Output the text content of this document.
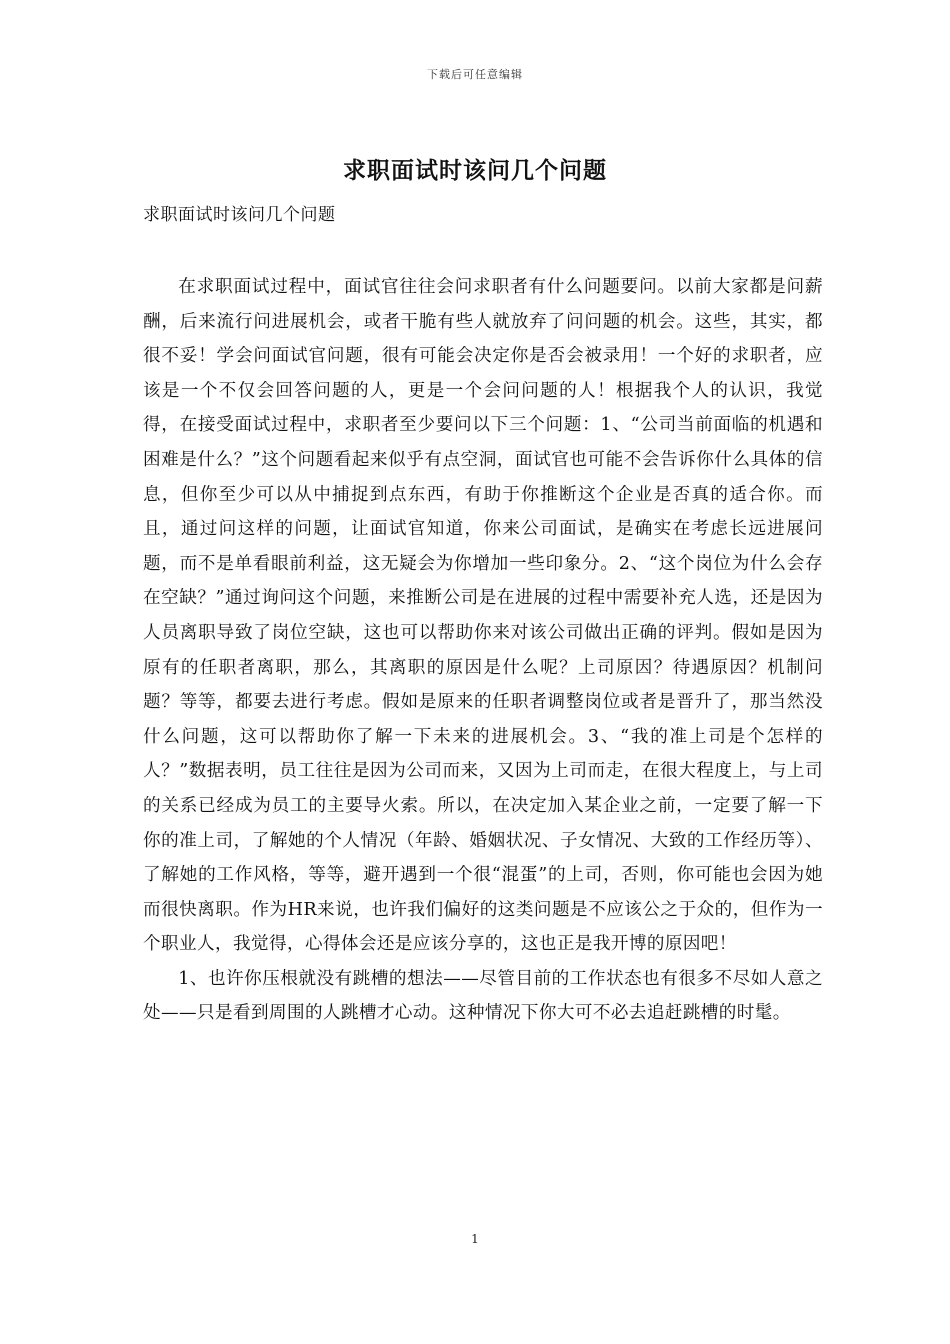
下载后可任意编辑
求职面试时该问几个问题
求职面试时该问几个问题

在求职面试过程中，面试官往往会问求职者有什么问题要问。以前大家都是问薪酬，后来流行问进展机会，或者干脆有些人就放弃了问问题的机会。这些，其实，都很不妥！学会问面试官问题，很有可能会决定你是否会被录用！一个好的求职者，应该是一个不仅会回答问题的人，更是一个会问问题的人！根据我个人的认识，我觉得，在接受面试过程中，求职者至少要问以下三个问题：1、“公司当前面临的机遇和困难是什么？”这个问题看起来似乎有点空洞，面试官也可能不会告诉你什么具体的信息，但你至少可以从中捕捉到点东西，有助于你推断这个企业是否真的适合你。而且，通过问这样的问题，让面试官知道，你来公司面试，是确实在考虑长远进展问题，而不是单看眼前利益，这无疑会为你增加一些印象分。2、“这个岗位为什么会存在空缺？”通过询问这个问题，来推断公司是在进展的过程中需要补充人选，还是因为人员离职导致了岗位空缺，这也可以帮助你来对该公司做出正确的评判。假如是因为原有的任职者离职，那么，其离职的原因是什么呢？上司原因？待遇原因？机制问题？等等，都要去进行考虑。假如是原来的任职者调整岗位或者是晋升了，那当然没什么问题，这可以帮助你了解一下未来的进展机会。3、“我的准上司是个怎样的人？”数据表明，员工往往是因为公司而来，又因为上司而走，在很大程度上，与上司的关系已经成为员工的主要导火索。所以，在决定加入某企业之前，一定要了解一下你的准上司，了解她的个人情况（年龄、婚姻状况、子女情况、大致的工作经历等）、了解她的工作风格，等等，避开遇到一个很“混蛋”的上司，否则，你可能也会因为她而很快离职。作为HR来说，也许我们偏好的这类问题是不应该公之于众的，但作为一个职业人，我觉得，心得体会还是应该分享的，这也正是我开博的原因吧！

1、也许你压根就没有跳槽的想法——尽管目前的工作状态也有很多不尽如人意之处——只是看到周围的人跳槽才心动。这种情况下你大可不必去追赶跳槽的时髦。

1
